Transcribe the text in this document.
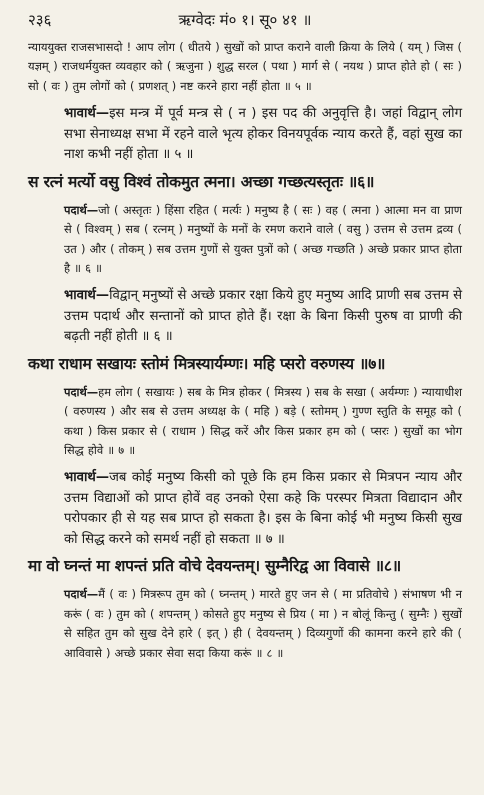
२३६	ऋग्वेदः मं० १। सू० ४१ ॥

न्याययुक्त राजसभासदो ! आप लोग ( धीतये ) सुखों को प्राप्त कराने वाली क्रिया के लिये ( यम् ) जिस ( यज्ञम् ) राजधर्मयुक्त व्यवहार को ( ऋजुना ) शुद्ध सरल ( पथा ) मार्ग से ( नयथ ) प्राप्त होते हो ( सः ) सो ( वः ) तुम लोगों को ( प्रणशत् ) नष्ट करने हारा नहीं होता ॥ ५ ॥

भावार्थ—इस मन्त्र में पूर्व मन्त्र से ( न ) इस पद की अनुवृत्ति है। जहां विद्वान् लोग सभा सेनाध्यक्ष सभा में रहने वाले भृत्य होकर विनयपूर्वक न्याय करते हैं, वहां सुख का नाश कभी नहीं होता ॥ ५ ॥

स रत्नं मर्त्यो वसु विश्वं तोकमुत त्मना। अच्छा गच्छत्यस्तृतः ॥६॥

पदार्थ—जो ( अस्तृतः ) हिंसा रहित ( मर्त्यः ) मनुष्य है ( सः ) वह ( त्मना ) आत्मा मन वा प्राण से ( विश्वम् ) सब ( रत्नम् ) मनुष्यों के मनों के रमण कराने वाले ( वसु ) उत्तम से उत्तम द्रव्य ( उत ) और ( तोकम् ) सब उत्तम गुणों से युक्त पुत्रों को ( अच्छ गच्छति ) अच्छे प्रकार प्राप्त होता है ॥ ६ ॥

भावार्थ—विद्वान् मनुष्यों से अच्छे प्रकार रक्षा किये हुए मनुष्य आदि प्राणी सब उत्तम से उत्तम पदार्थ और सन्तानों को प्राप्त होते हैं। रक्षा के बिना किसी पुरुष वा प्राणी की बढ़ती नहीं होती ॥ ६ ॥

कथा राधाम सखायः स्तोमं मित्रस्यार्यम्णः। महि प्सरो वरुणस्य ॥७॥

पदार्थ—हम लोग ( सखायः ) सब के मित्र होकर ( मित्रस्य ) सब के सखा ( अर्यम्णः ) न्यायाधीश ( वरुणस्य ) और सब से उत्तम अध्यक्ष के ( महि ) बड़े ( स्तोमम् ) गुण्ण स्तुति के समूह को ( कथा ) किस प्रकार से ( राधाम ) सिद्ध करें और किस प्रकार हम को ( प्सरः ) सुखों का भोग सिद्ध होवे ॥ ७ ॥

भावार्थ—जब कोई मनुष्य किसी को पूछे कि हम किस प्रकार से मित्रपन न्याय और उत्तम विद्याओं को प्राप्त होवें वह उनको ऐसा कहे कि परस्पर मित्रता विद्यादान और परोपकार ही से यह सब प्राप्त हो सकता है। इस के बिना कोई भी मनुष्य किसी सुख को सिद्ध करने को समर्थ नहीं हो सकता ॥ ७ ॥

मा वो घ्नन्तं मा शपन्तं प्रति वोचे देवयन्तम्। सुम्नैरिद्व आ विवासे ॥८॥

पदार्थ—मैं ( वः ) मित्ररूप तुम को ( घ्नन्तम् ) मारते हुए जन से ( मा प्रतिवोचे ) संभाषण भी न करूं ( वः ) तुम को ( शपन्तम् ) कोसते हुए मनुष्य से प्रिय ( मा ) न बोलूं किन्तु ( सुम्नैः ) सुखों से सहित तुम को सुख देने हारे ( इत् ) ही ( देवयन्तम् ) दिव्यगुणों की कामना करने हारे की ( आविवासे ) अच्छे प्रकार सेवा सदा किया करूं ॥ ८ ॥
